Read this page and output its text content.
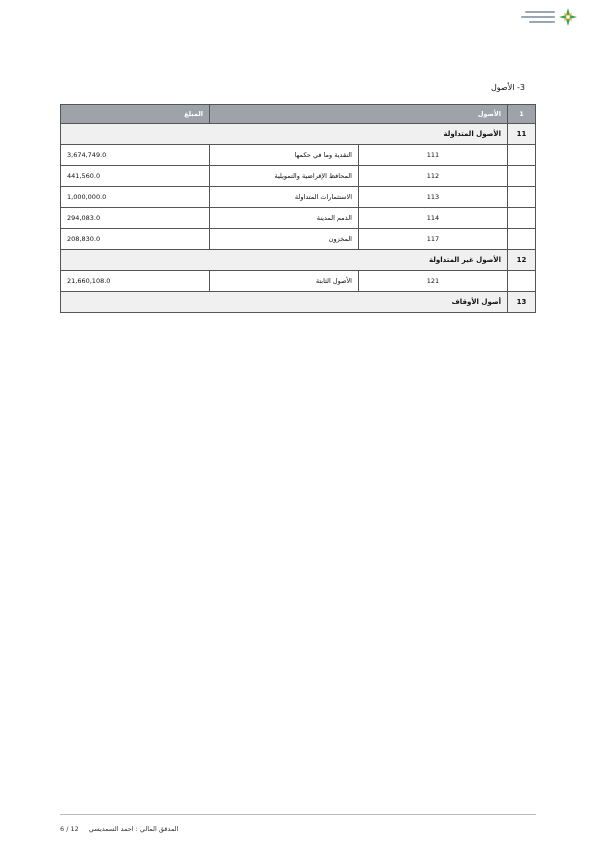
3- الأصول
1	الأصول		المبلغ
11	الأصول المتداولة		
	111	النقدية وما في حكمها	3,674,749.0
	112	المحافظ الإقراضية والتمويلية	441,560.0
	113	الاستثمارات المتداولة	1,000,000.0
	114	الذمم المدينة	294,083.0
	117	المخزون	208,830.0
12	الأصول غير المتداولة		
	121	الأصول الثابتة	21,660,108.0
13	أصول الأوقاف		
6 / 12 المدقق المالي : احمد السمديسي
